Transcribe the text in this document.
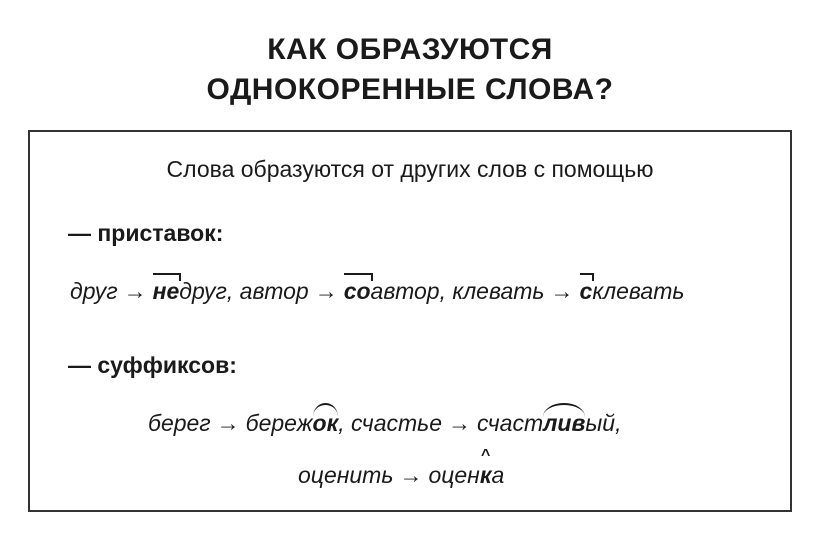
КАК ОБРАЗУЮТСЯ
ОДНОКОРЕННЫЕ СЛОВА?
Слова образуются от других слов с помощью
— приставок:
друг → недруг, автор → соавтор, клевать → склевать
— суффиксов:
берег → бережок, счастье → счастливый,
оценить → оцен
^
ка
